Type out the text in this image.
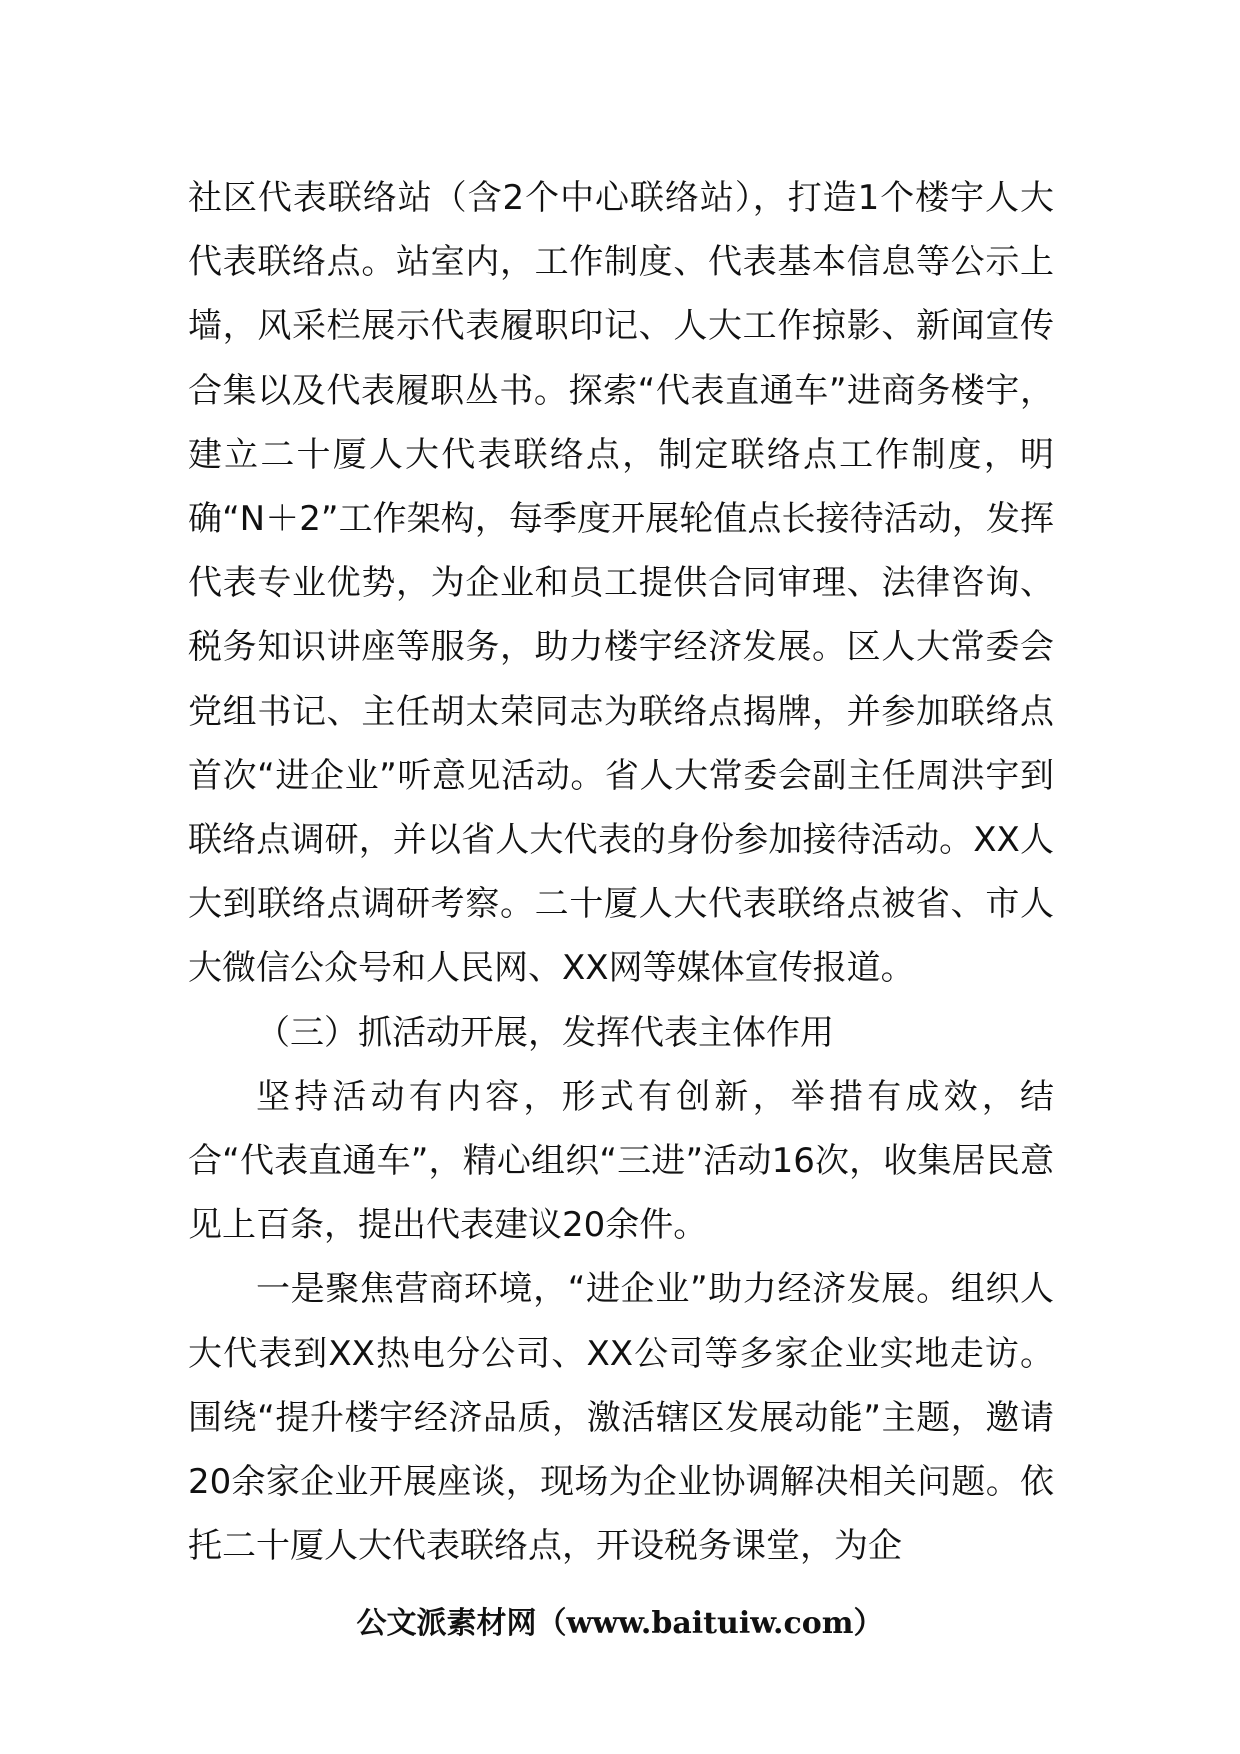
社区代表联络站（含2个中心联络站），打造1个楼宇人大代表联络点。站室内，工作制度、代表基本信息等公示上墙，风采栏展示代表履职印记、人大工作掠影、新闻宣传合集以及代表履职丛书。探索“代表直通车”进商务楼宇，建立二十厦人大代表联络点，制定联络点工作制度，明确“N＋2”工作架构，每季度开展轮值点长接待活动，发挥代表专业优势，为企业和员工提供合同审理、法律咨询、税务知识讲座等服务，助力楼宇经济发展。区人大常委会党组书记、主任胡太荣同志为联络点揭牌，并参加联络点首次“进企业”听意见活动。省人大常委会副主任周洪宇到联络点调研，并以省人大代表的身份参加接待活动。XX人大到联络点调研考察。二十厦人大代表联络点被省、市人大微信公众号和人民网、XX网等媒体宣传报道。

（三）抓活动开展，发挥代表主体作用

坚持活动有内容，形式有创新，举措有成效，结合“代表直通车”，精心组织“三进”活动16次，收集居民意见上百条，提出代表建议20余件。

一是聚焦营商环境，“进企业”助力经济发展。组织人大代表到XX热电分公司、XX公司等多家企业实地走访。围绕“提升楼宇经济品质，激活辖区发展动能”主题，邀请20余家企业开展座谈，现场为企业协调解决相关问题。依托二十厦人大代表联络点，开设税务课堂，为企

公文派素材网（www.baituiw.com）
